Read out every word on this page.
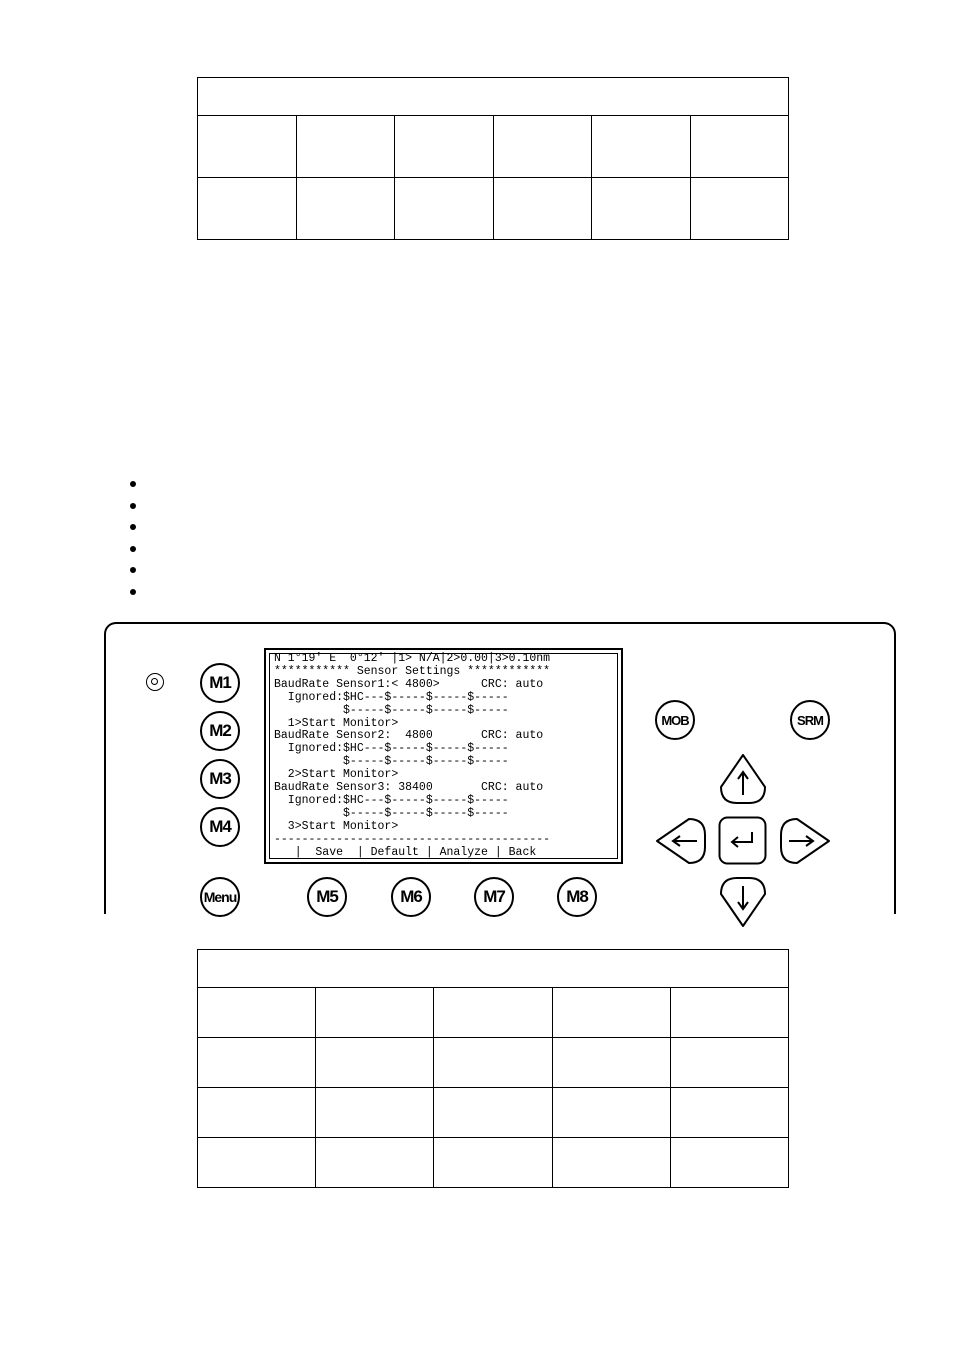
N 1°19' E  0°12' |1> N/A|2>0.00|3>0.10nm
*********** Sensor Settings ************
BaudRate Sensor1:< 4800>      CRC: auto
Ignored:$HC---$-----$-----$-----
$-----$-----$-----$-----
1>Start Monitor>
BaudRate Sensor2:  4800       CRC: auto
Ignored:$HC---$-----$-----$-----
$-----$-----$-----$-----
2>Start Monitor>
BaudRate Sensor3: 38400       CRC: auto
Ignored:$HC---$-----$-----$-----
$-----$-----$-----$-----
3>Start Monitor>
----------------------------------------
|  Save  | Default | Analyze | Back
M1
M2
M3
M4
Menu	M5	M6	M7	M8
MOB	SRM
